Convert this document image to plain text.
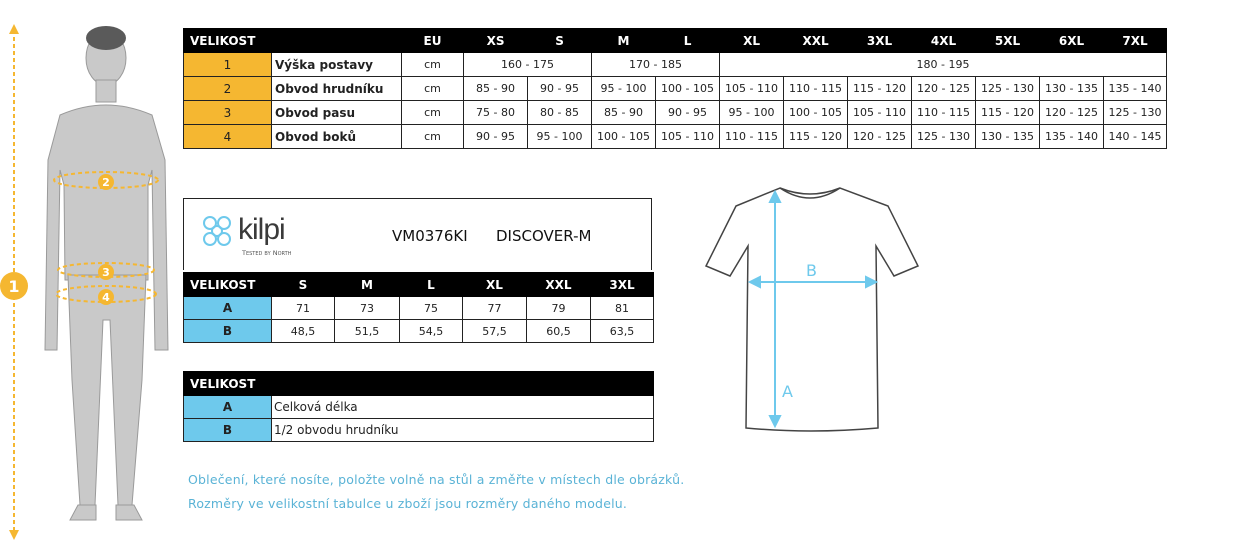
2
3
4
1
VELIKOST		EU	XS	S	M	L	XL	XXL	3XL	4XL	5XL	6XL	7XL
1	Výška postavy	cm	160 - 175		170 - 185		180 - 195						
2	Obvod hrudníku	cm	85 - 90	90 - 95	95 - 100	100 - 105	105 - 110	110 - 115	115 - 120	120 - 125	125 - 130	130 - 135	135 - 140
3	Obvod pasu	cm	75 - 80	80 - 85	85 - 90	90 - 95	95 - 100	100 - 105	105 - 110	110 - 115	115 - 120	120 - 125	125 - 130
4	Obvod boků	cm	90 - 95	95 - 100	100 - 105	105 - 110	110 - 115	115 - 120	120 - 125	125 - 130	130 - 135	135 - 140	140 - 145
kilpi
Tested by North
VM0376KI DISCOVER-M
VELIKOST	S	M	L	XL	XXL	3XL
A	71	73	75	77	79	81
B	48,5	51,5	54,5	57,5	60,5	63,5
VELIKOST	
A	Celková délka
B	1/2 obvodu hrudníku
A
B
Oblečení, které nosíte, položte volně na stůl a změřte v místech dle obrázků.
Rozměry ve velikostní tabulce u zboží jsou rozměry daného modelu.
